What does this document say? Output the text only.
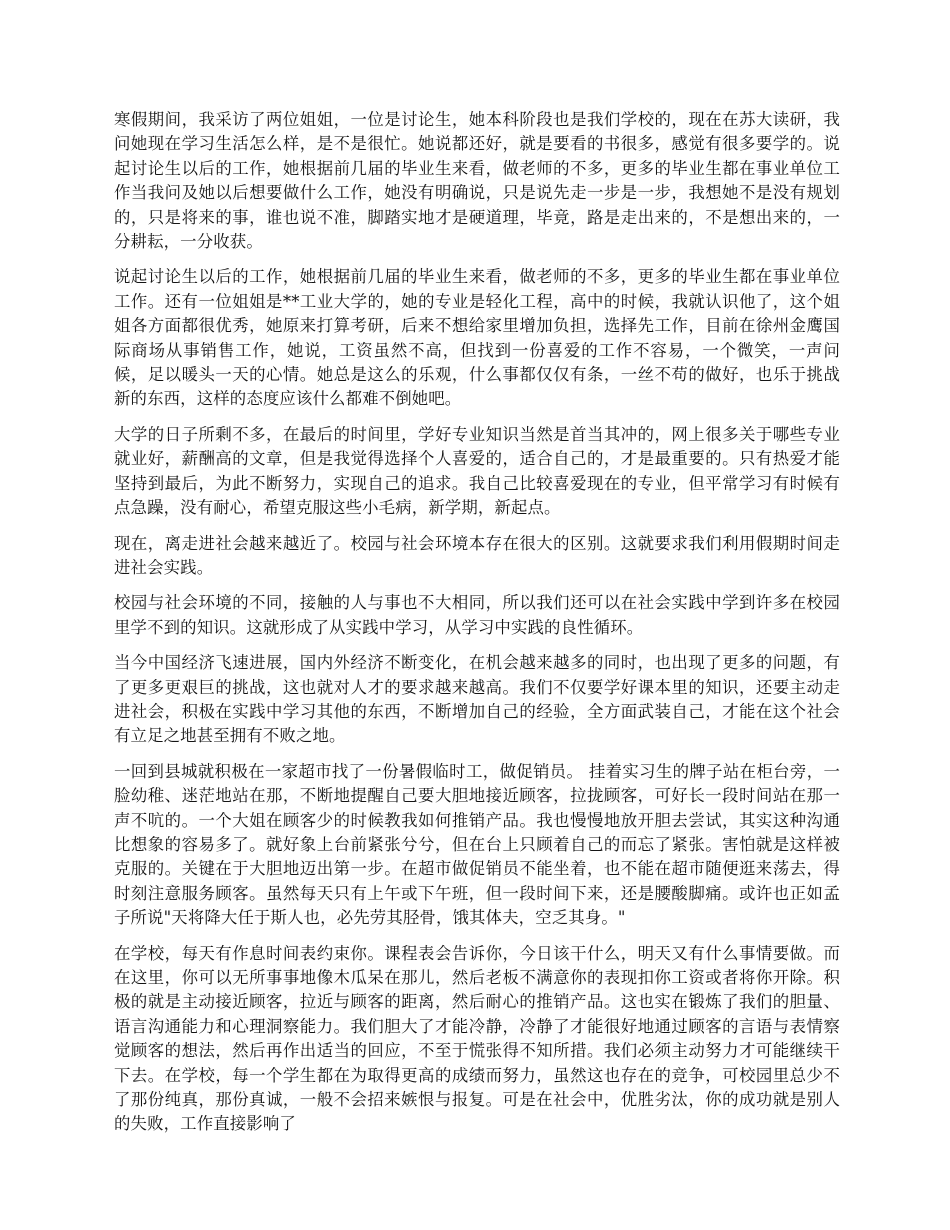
寒假期间，我采访了两位姐姐，一位是讨论生，她本科阶段也是我们学校的，现在在苏大读研，我问她现在学习生活怎么样，是不是很忙。她说都还好，就是要看的书很多，感觉有很多要学的。说起讨论生以后的工作，她根据前几届的毕业生来看，做老师的不多，更多的毕业生都在事业单位工作当我问及她以后想要做什么工作，她没有明确说，只是说先走一步是一步，我想她不是没有规划的，只是将来的事，谁也说不准，脚踏实地才是硬道理，毕竟，路是走出来的，不是想出来的，一分耕耘，一分收获。

说起讨论生以后的工作，她根据前几届的毕业生来看，做老师的不多，更多的毕业生都在事业单位工作。还有一位姐姐是**工业大学的，她的专业是轻化工程，高中的时候，我就认识他了，这个姐姐各方面都很优秀，她原来打算考研，后来不想给家里增加负担，选择先工作，目前在徐州金鹰国际商场从事销售工作，她说，工资虽然不高，但找到一份喜爱的工作不容易，一个微笑，一声问候，足以暖头一天的心情。她总是这么的乐观，什么事都仅仅有条，一丝不苟的做好，也乐于挑战新的东西，这样的态度应该什么都难不倒她吧。

大学的日子所剩不多，在最后的时间里，学好专业知识当然是首当其冲的，网上很多关于哪些专业就业好，薪酬高的文章，但是我觉得选择个人喜爱的，适合自己的，才是最重要的。只有热爱才能坚持到最后，为此不断努力，实现自己的追求。我自己比较喜爱现在的专业，但平常学习有时候有点急躁，没有耐心，希望克服这些小毛病，新学期，新起点。

现在，离走进社会越来越近了。校园与社会环境本存在很大的区别。这就要求我们利用假期时间走进社会实践。

校园与社会环境的不同，接触的人与事也不大相同，所以我们还可以在社会实践中学到许多在校园里学不到的知识。这就形成了从实践中学习，从学习中实践的良性循环。

当今中国经济飞速进展，国内外经济不断变化，在机会越来越多的同时，也出现了更多的问题，有了更多更艰巨的挑战，这也就对人才的要求越来越高。我们不仅要学好课本里的知识，还要主动走进社会，积极在实践中学习其他的东西，不断增加自己的经验，全方面武装自己，才能在这个社会有立足之地甚至拥有不败之地。

一回到县城就积极在一家超市找了一份暑假临时工，做促销员。 挂着实习生的牌子站在柜台旁，一脸幼稚、迷茫地站在那，不断地提醒自己要大胆地接近顾客，拉拢顾客，可好长一段时间站在那一声不吭的。一个大姐在顾客少的时候教我如何推销产品。我也慢慢地放开胆去尝试，其实这种沟通比想象的容易多了。就好象上台前紧张兮兮，但在台上只顾着自己的而忘了紧张。害怕就是这样被克服的。关键在于大胆地迈出第一步。在超市做促销员不能坐着，也不能在超市随便逛来荡去，得时刻注意服务顾客。虽然每天只有上午或下午班，但一段时间下来，还是腰酸脚痛。或许也正如孟子所说"天将降大任于斯人也，必先劳其胫骨，饿其体夫，空乏其身。"

在学校，每天有作息时间表约束你。课程表会告诉你，今日该干什么，明天又有什么事情要做。而在这里，你可以无所事事地像木瓜呆在那儿，然后老板不满意你的表现扣你工资或者将你开除。积极的就是主动接近顾客，拉近与顾客的距离，然后耐心的推销产品。这也实在锻炼了我们的胆量、语言沟通能力和心理洞察能力。我们胆大了才能冷静，冷静了才能很好地通过顾客的言语与表情察觉顾客的想法，然后再作出适当的回应，不至于慌张得不知所措。我们必须主动努力才可能继续干下去。在学校，每一个学生都在为取得更高的成绩而努力，虽然这也存在的竞争，可校园里总少不了那份纯真，那份真诚，一般不会招来嫉恨与报复。可是在社会中，优胜劣汰，你的成功就是别人的失败，工作直接影响了
